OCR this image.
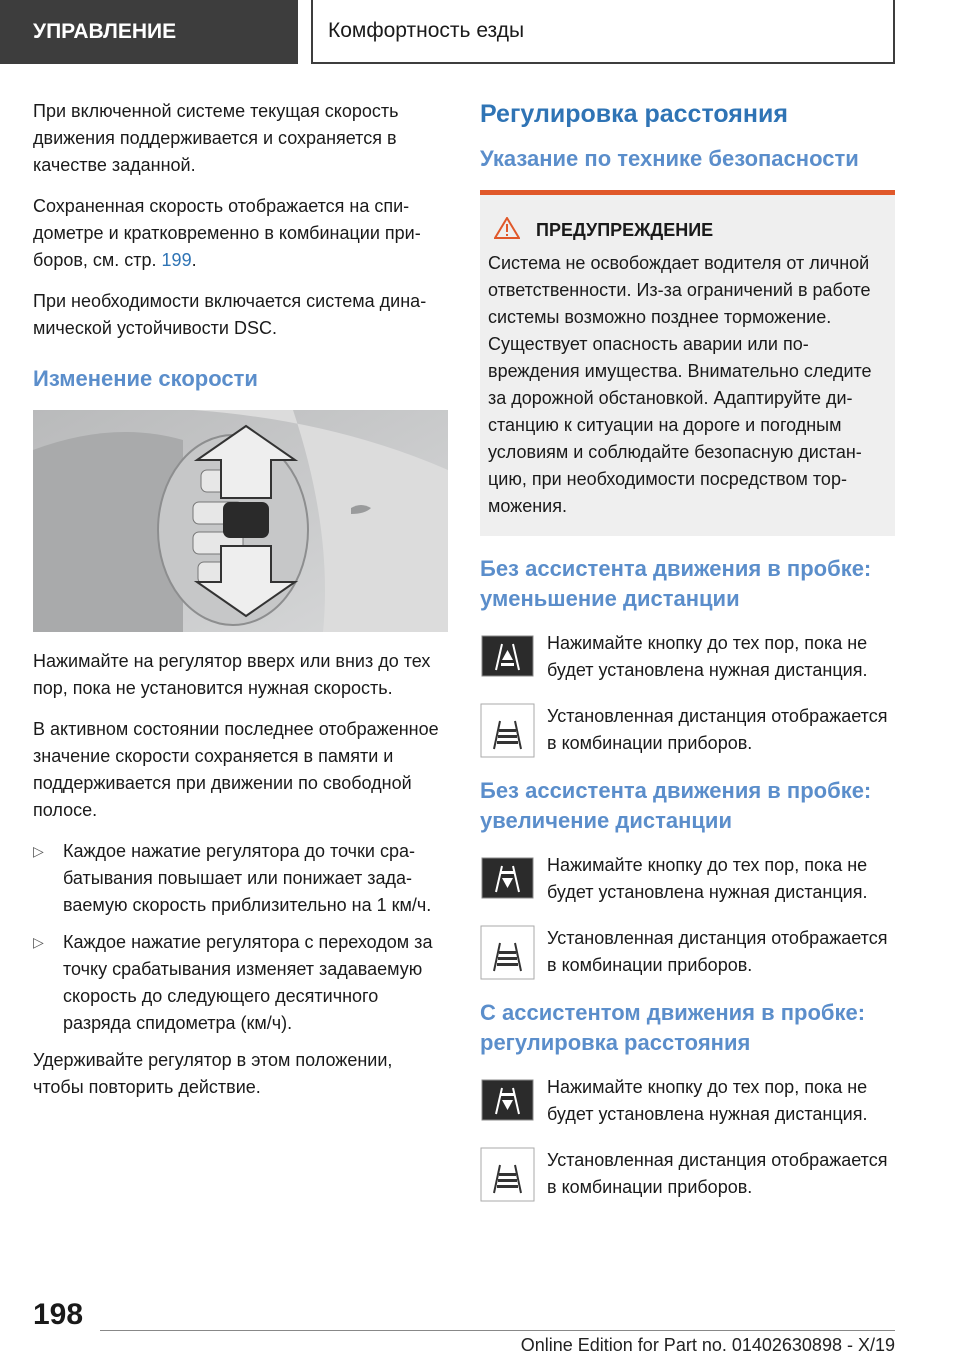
УПРАВЛЕНИЕ	Комфортность езды

При включенной системе текущая скорость движения поддерживается и сохраняется в качестве заданной.

Сохраненная скорость отображается на спидометре и кратковременно в комбинации приборов, см. стр. 199.

При необходимости включается система динамической устойчивости DSC.

Изменение скорости

Нажимайте на регулятор вверх или вниз до тех пор, пока не установится нужная скорость.

В активном состоянии последнее отображенное значение скорости сохраняется в памяти и поддерживается при движении по свободной полосе.

▷	Каждое нажатие регулятора до точки срабатывания повышает или понижает задаваемую скорость приблизительно на 1 км/ч.
▷	Каждое нажатие регулятора с переходом за точку срабатывания изменяет задаваемую скорость до следующего десятичного разряда спидометра (км/ч).

Удерживайте регулятор в этом положении, чтобы повторить действие.

Регулировка расстояния
Указание по технике безопасности
ПРЕДУПРЕЖДЕНИЕ

Система не освобождает водителя от личной ответственности. Из-за ограничений в работе системы возможно позднее торможение. Существует опасность аварии или повреждения имущества. Внимательно следите за дорожной обстановкой. Адаптируйте дистанцию к ситуации на дороге и погодным условиям и соблюдайте безопасную дистанцию, при необходимости посредством торможения.

Без ассистента движения в пробке: уменьшение дистанции

Нажимайте кнопку до тех пор, пока не будет установлена нужная дистанция.

Установленная дистанция отображается в комбинации приборов.

Без ассистента движения в пробке: увеличение дистанции

Нажимайте кнопку до тех пор, пока не будет установлена нужная дистанция.

Установленная дистанция отображается в комбинации приборов.

С ассистентом движения в пробке: регулировка расстояния

Нажимайте кнопку до тех пор, пока не будет установлена нужная дистанция.

Установленная дистанция отображается в комбинации приборов.

198
Online Edition for Part no. 01402630898 - X/19
